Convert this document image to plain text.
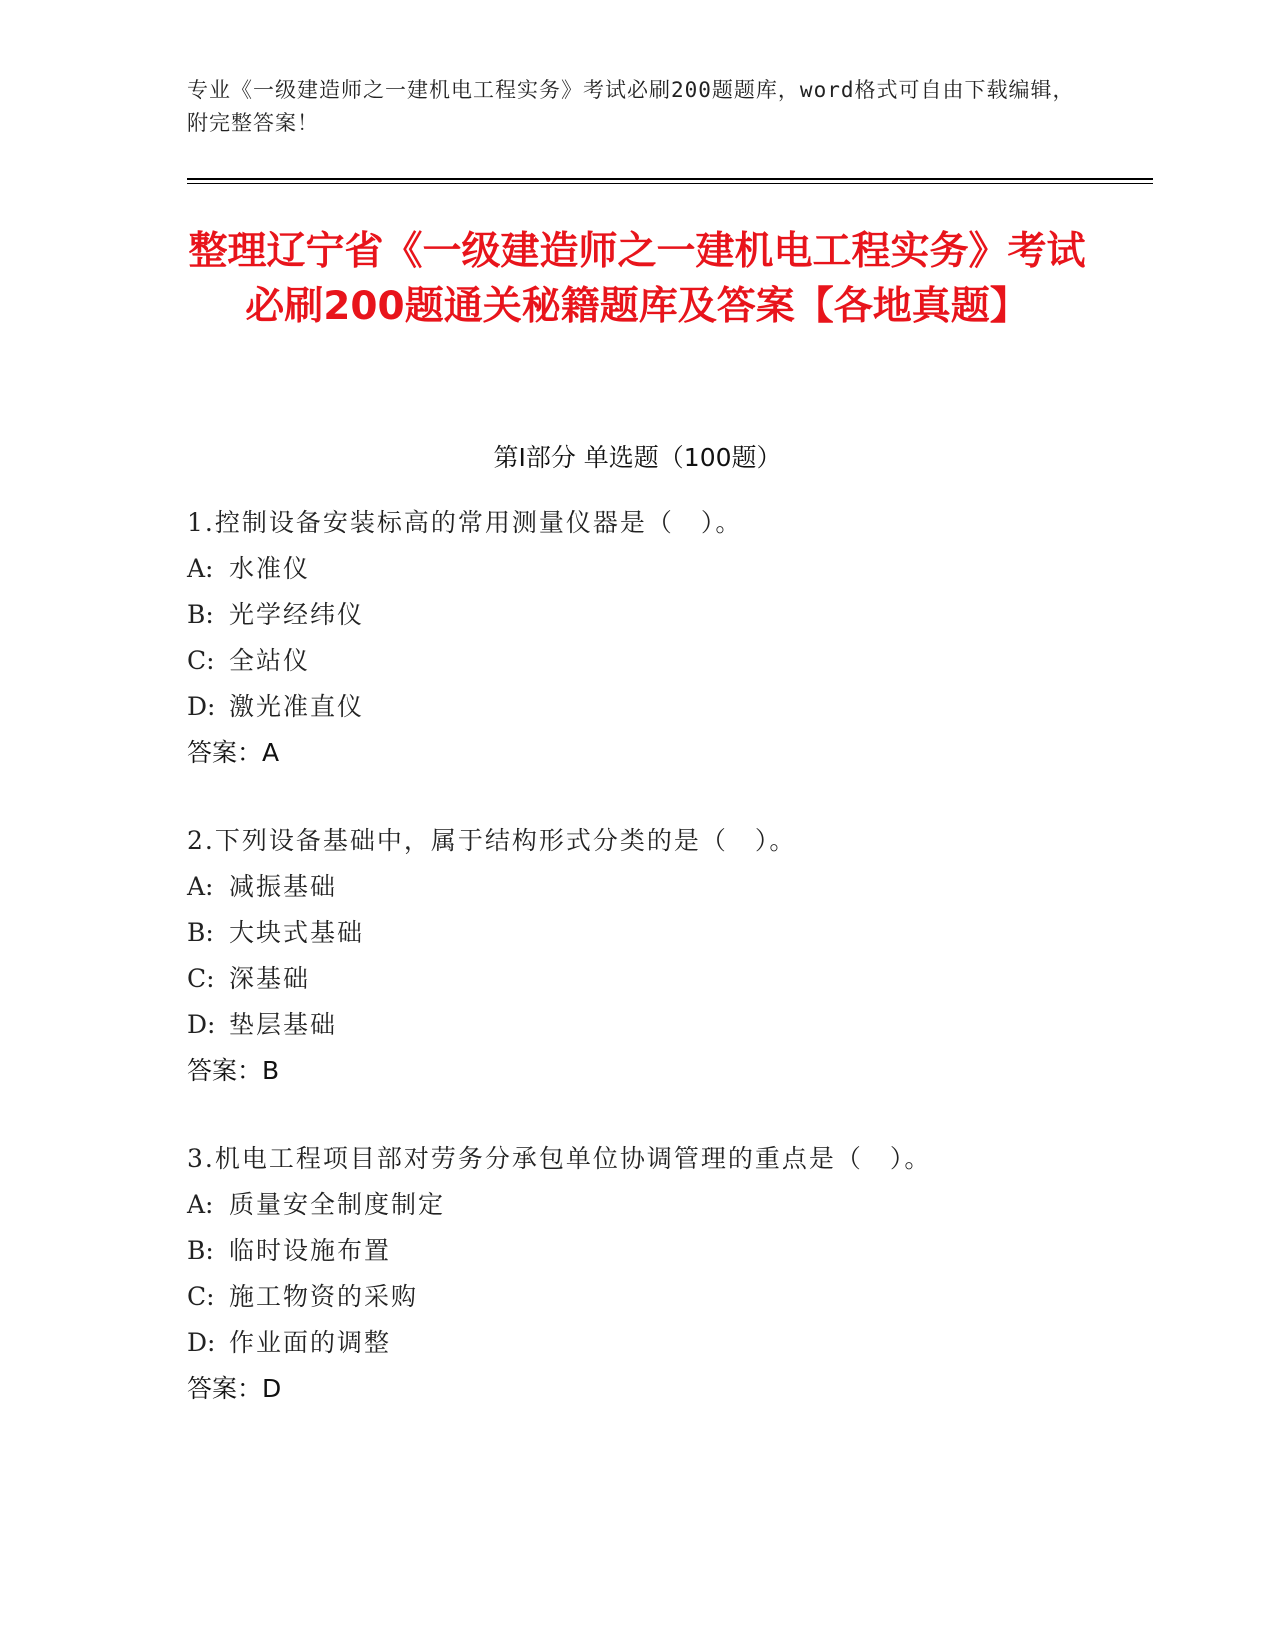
专业《一级建造师之一建机电工程实务》考试必刷200题题库，word格式可自由下载编辑，附完整答案！
整理辽宁省《一级建造师之一建机电工程实务》考试必刷200题通关秘籍题库及答案【各地真题】
第I部分 单选题（100题）
1.控制设备安装标高的常用测量仪器是（　）。
A: 水准仪
B: 光学经纬仪
C: 全站仪
D: 激光准直仪
答案：A
2.下列设备基础中，属于结构形式分类的是（　）。
A: 减振基础
B: 大块式基础
C: 深基础
D: 垫层基础
答案：B
3.机电工程项目部对劳务分承包单位协调管理的重点是（　）。
A: 质量安全制度制定
B: 临时设施布置
C: 施工物资的采购
D: 作业面的调整
答案：D
